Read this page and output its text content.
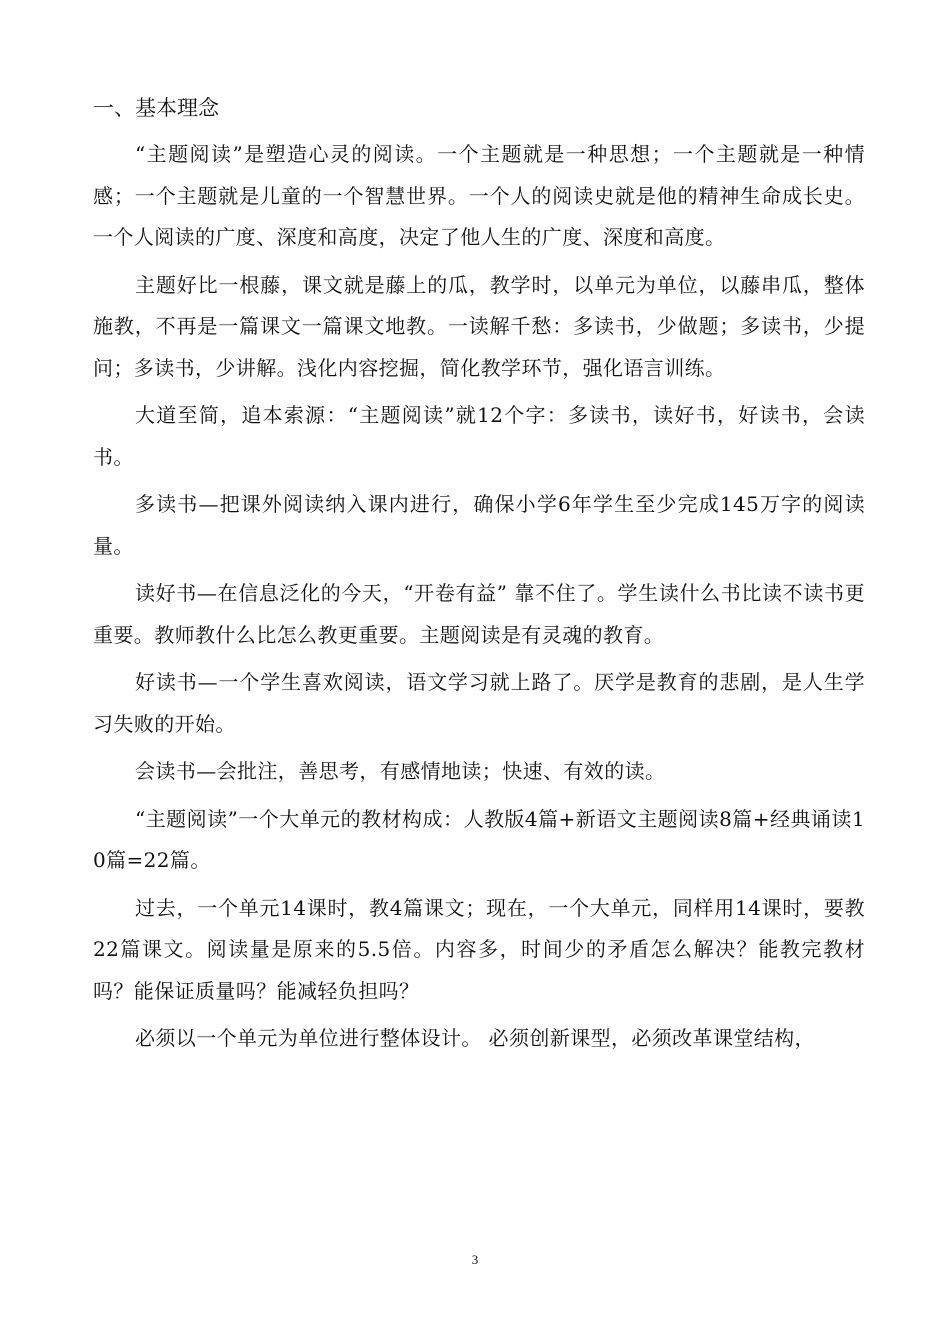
一、基本理念

“主题阅读”是塑造心灵的阅读。一个主题就是一种思想；一个主题就是一种情感；一个主题就是儿童的一个智慧世界。一个人的阅读史就是他的精神生命成长史。一个人阅读的广度、深度和高度，决定了他人生的广度、深度和高度。

主题好比一根藤，课文就是藤上的瓜，教学时，以单元为单位，以藤串瓜，整体施教，不再是一篇课文一篇课文地教。一读解千愁：多读书，少做题；多读书，少提问；多读书，少讲解。浅化内容挖掘，简化教学环节，强化语言训练。

大道至简，追本索源：“主题阅读”就12个字：多读书，读好书，好读书，会读书。

多读书—把课外阅读纳入课内进行，确保小学6年学生至少完成145万字的阅读量。

读好书—在信息泛化的今天，“开卷有益” 靠不住了。学生读什么书比读不读书更重要。教师教什么比怎么教更重要。主题阅读是有灵魂的教育。

好读书—一个学生喜欢阅读，语文学习就上路了。厌学是教育的悲剧，是人生学习失败的开始。

会读书—会批注，善思考，有感情地读；快速、有效的读。

“主题阅读”一个大单元的教材构成：人教版4篇+新语文主题阅读8篇+经典诵读10篇=22篇。

过去，一个单元14课时，教4篇课文；现在，一个大单元，同样用14课时，要教22篇课文。阅读量是原来的5.5倍。内容多，时间少的矛盾怎么解决？能教完教材吗？能保证质量吗？能减轻负担吗？

必须以一个单元为单位进行整体设计。 必须创新课型，必须改革课堂结构，

3
